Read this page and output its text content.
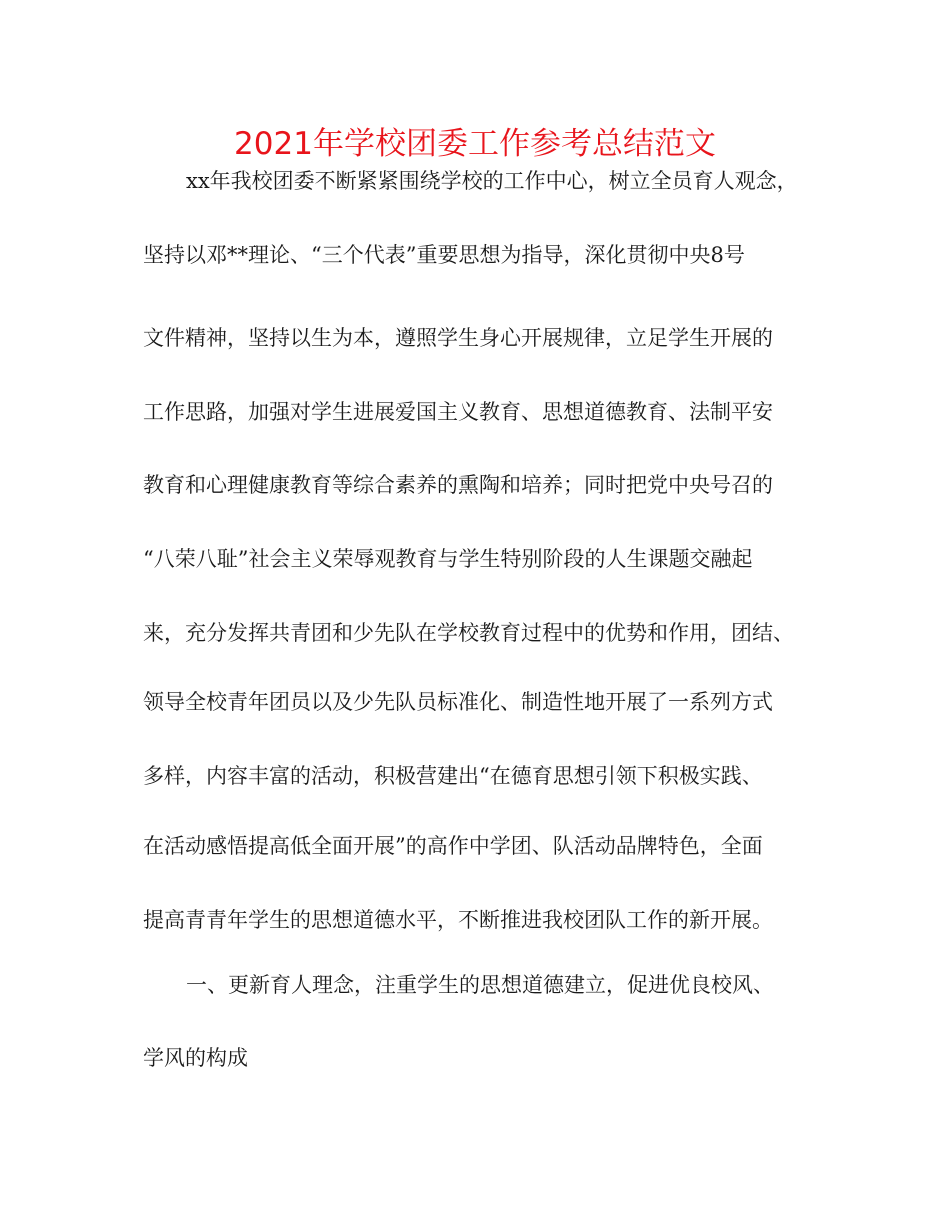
2021年学校团委工作参考总结范文
xx年我校团委不断紧紧围绕学校的工作中心，树立全员育人观念，
坚持以邓**理论、“三个代表”重要思想为指导，深化贯彻中央8号
文件精神，坚持以生为本，遵照学生身心开展规律，立足学生开展的
工作思路，加强对学生进展爱国主义教育、思想道德教育、法制平安
教育和心理健康教育等综合素养的熏陶和培养；同时把党中央号召的
“八荣八耻”社会主义荣辱观教育与学生特别阶段的人生课题交融起
来，充分发挥共青团和少先队在学校教育过程中的优势和作用，团结、
领导全校青年团员以及少先队员标准化、制造性地开展了一系列方式
多样，内容丰富的活动，积极营建出“在德育思想引领下积极实践、
在活动感悟提高低全面开展”的高作中学团、队活动品牌特色，全面
提高青青年学生的思想道德水平，不断推进我校团队工作的新开展。
一、更新育人理念，注重学生的思想道德建立，促进优良校风、
学风的构成
